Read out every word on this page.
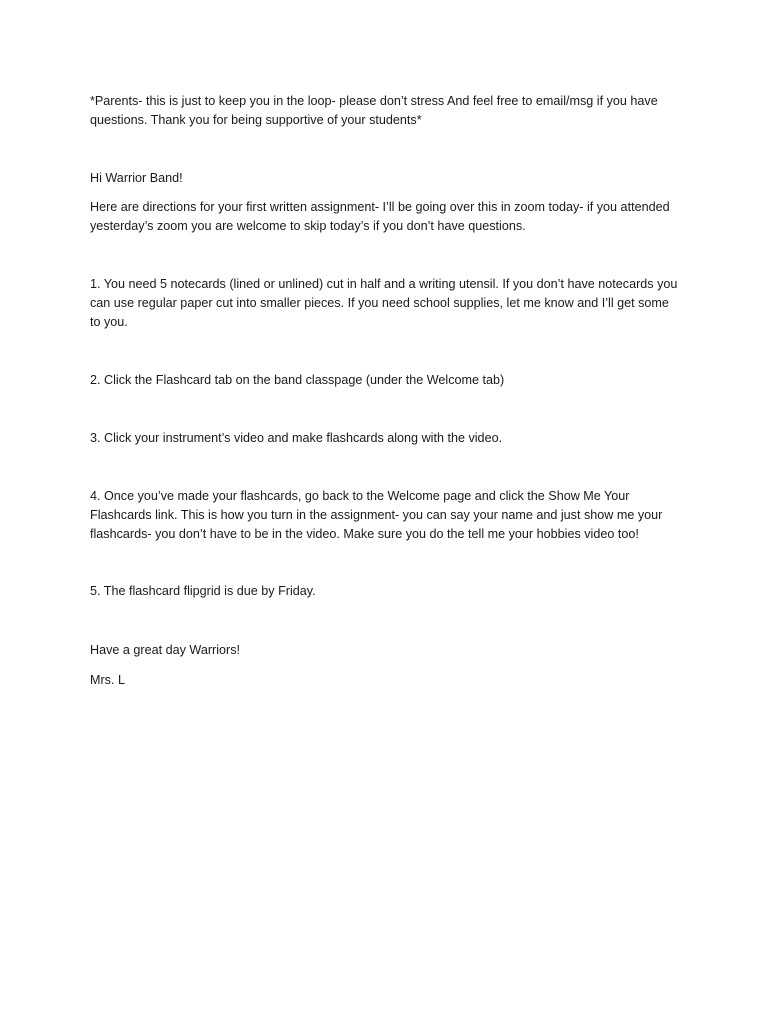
*Parents- this is just to keep you in the loop- please don’t stress And feel free to email/msg if you have questions. Thank you for being supportive of your students*

Hi Warrior Band!

Here are directions for your first written assignment- I’ll be going over this in zoom today- if you attended yesterday’s zoom you are welcome to skip today’s if you don’t have questions.

1. You need 5 notecards (lined or unlined) cut in half and a writing utensil. If you don’t have notecards you can use regular paper cut into smaller pieces. If you need school supplies, let me know and I’ll get some to you.

2. Click the Flashcard tab on the band classpage (under the Welcome tab)

3. Click your instrument’s video and make flashcards along with the video.

4. Once you’ve made your flashcards, go back to the Welcome page and click the Show Me Your Flashcards link. This is how you turn in the assignment- you can say your name and just show me your flashcards- you don’t have to be in the video. Make sure you do the tell me your hobbies video too!

5. The flashcard flipgrid is due by Friday.

Have a great day Warriors!

Mrs. L
